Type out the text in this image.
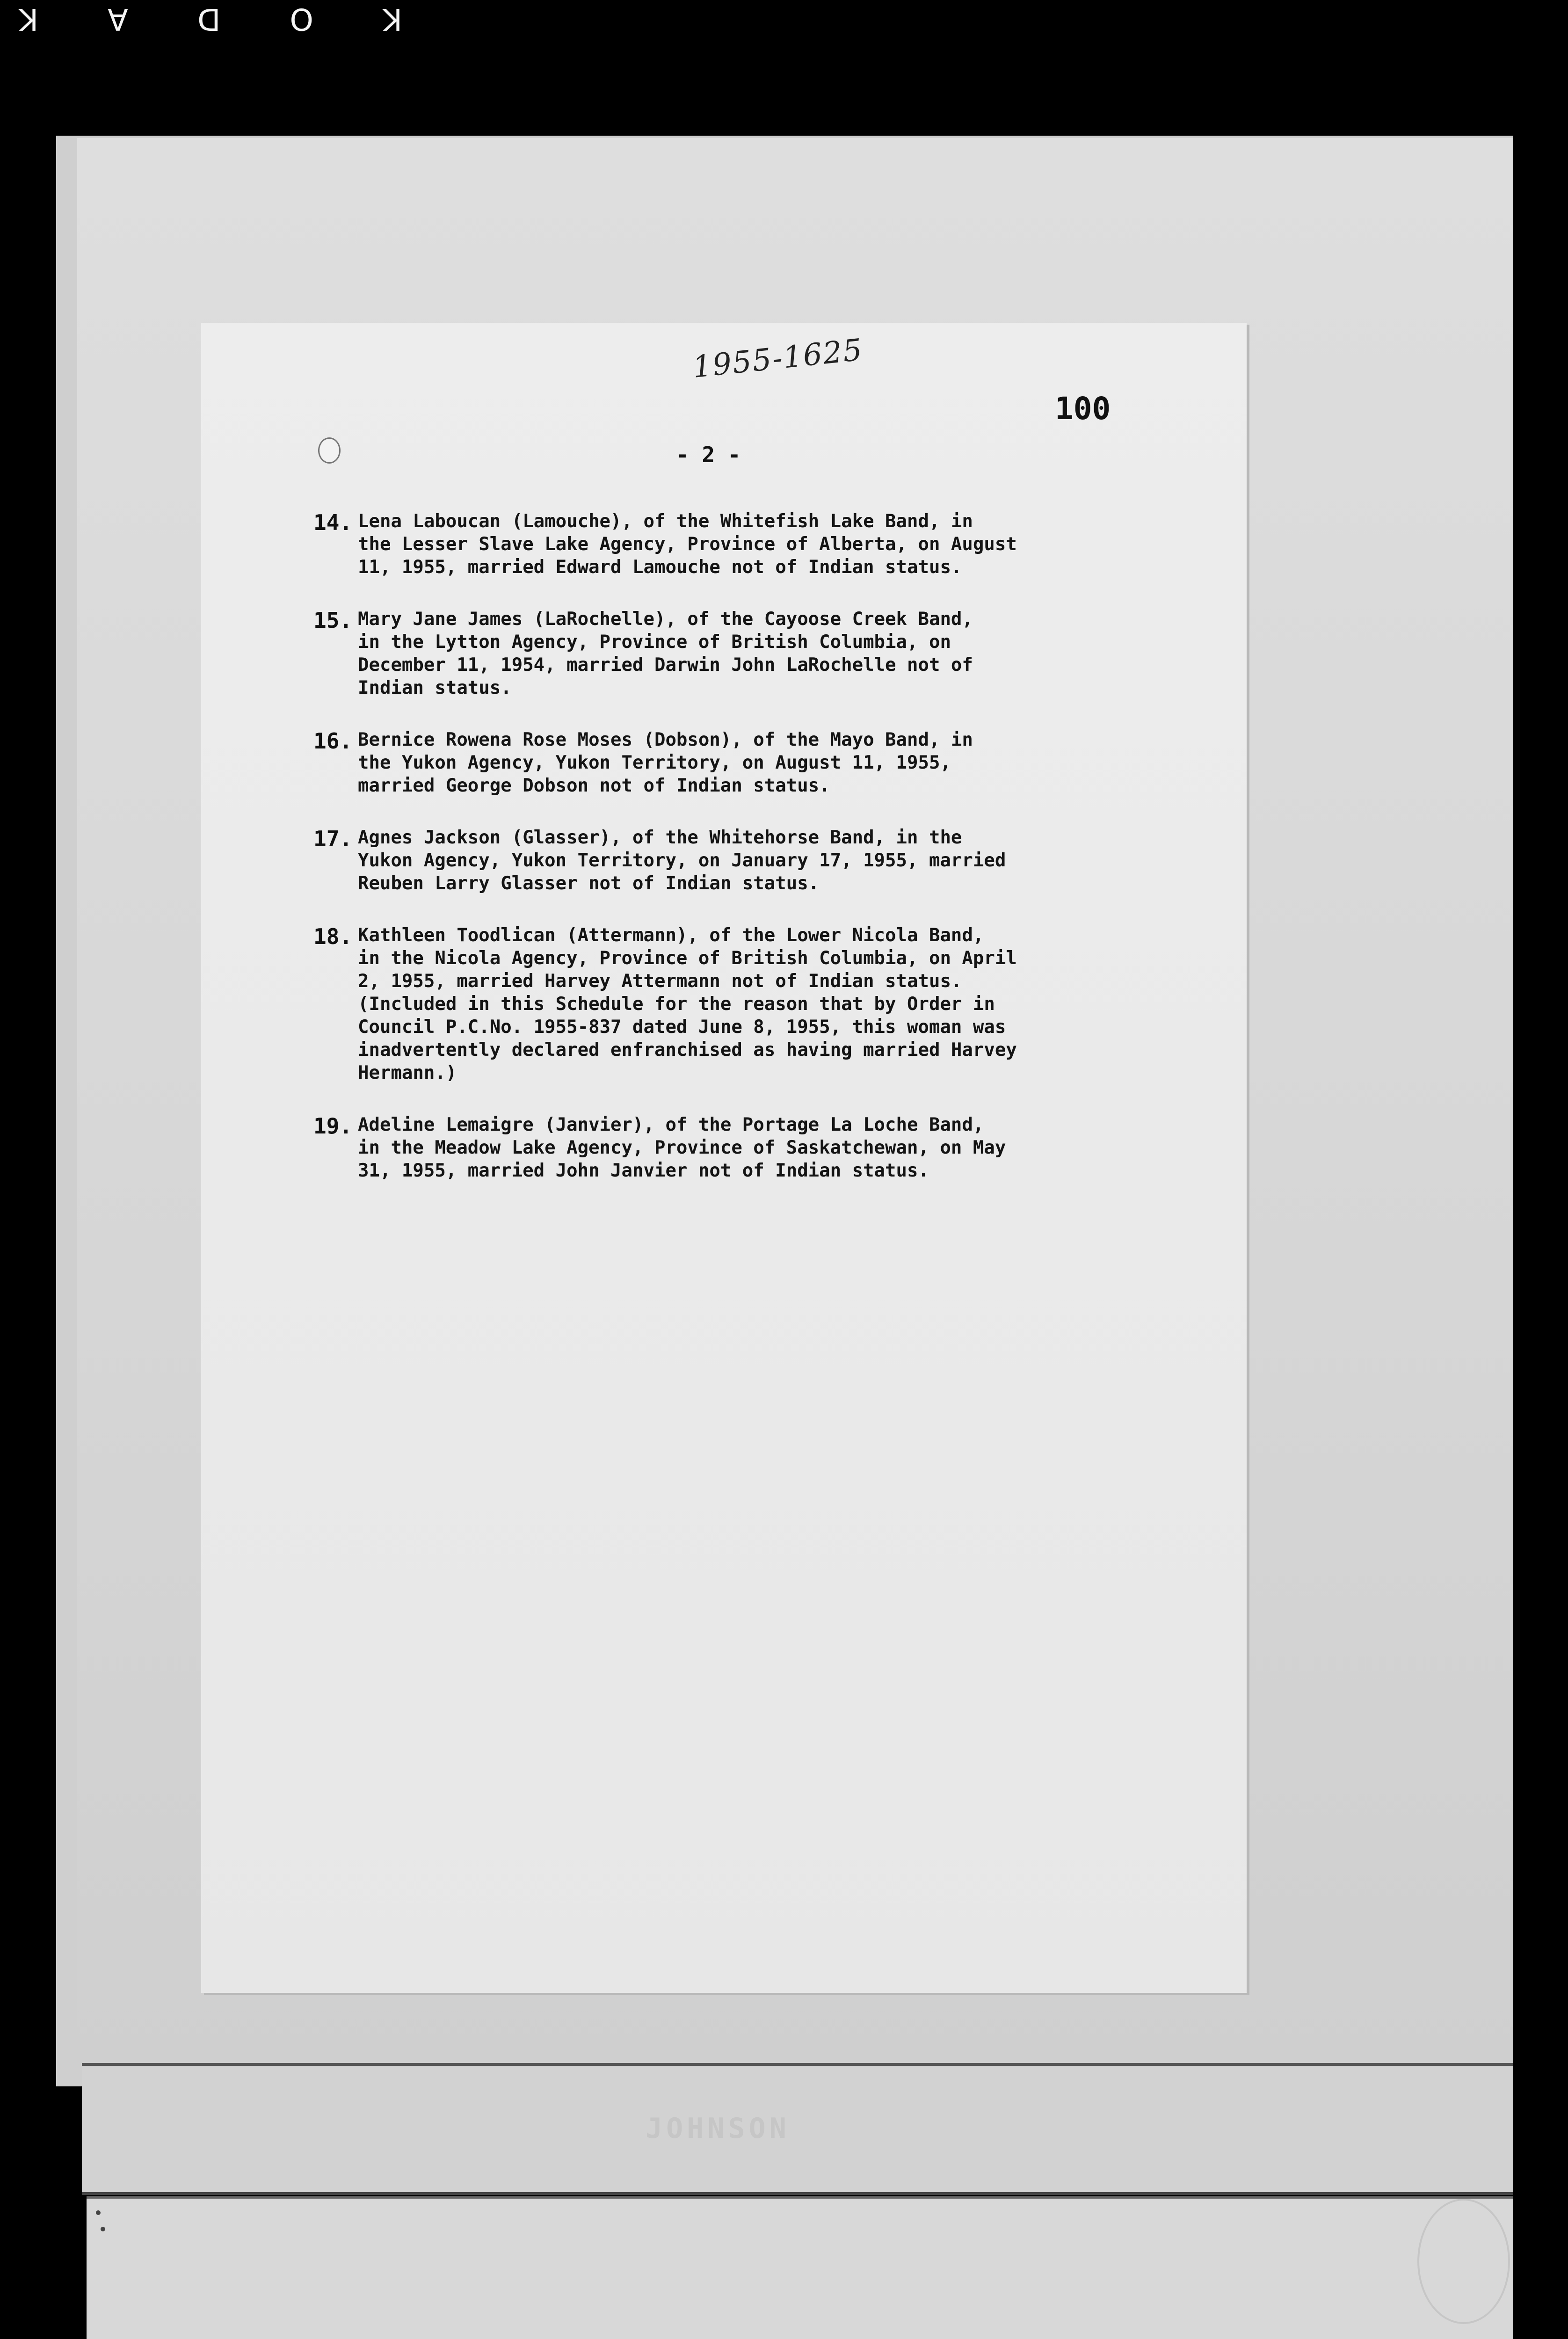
K
O
D
A
K
JOHNSON
1955-1625
100
- 2 -
14. Lena Laboucan (Lamouche), of the Whitefish Lake Band, in
the Lesser Slave Lake Agency, Province of Alberta, on August
11, 1955, married Edward Lamouche not of Indian status.
15. Mary Jane James (LaRochelle), of the Cayoose Creek Band,
in the Lytton Agency, Province of British Columbia, on
December 11, 1954, married Darwin John LaRochelle not of
Indian status.
16. Bernice Rowena Rose Moses (Dobson), of the Mayo Band, in
the Yukon Agency, Yukon Territory, on August 11, 1955,
married George Dobson not of Indian status.
17. Agnes Jackson (Glasser), of the Whitehorse Band, in the
Yukon Agency, Yukon Territory, on January 17, 1955, married
Reuben Larry Glasser not of Indian status.
18. Kathleen Toodlican (Attermann), of the Lower Nicola Band,
in the Nicola Agency, Province of British Columbia, on April
2, 1955, married Harvey Attermann not of Indian status.
(Included in this Schedule for the reason that by Order in
Council P.C.No. 1955-837 dated June 8, 1955, this woman was
inadvertently declared enfranchised as having married Harvey
Hermann.)
19. Adeline Lemaigre (Janvier), of the Portage La Loche Band,
in the Meadow Lake Agency, Province of Saskatchewan, on May
31, 1955, married John Janvier not of Indian status.
